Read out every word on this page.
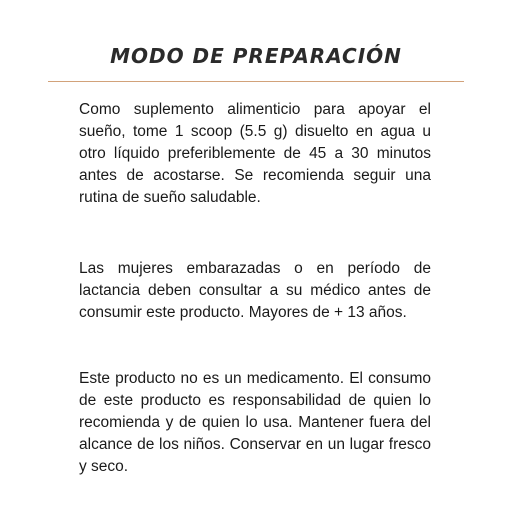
MODO DE PREPARACIÓN

Como suplemento alimenticio para apoyar el sueño, tome 1 scoop (5.5 g) disuelto en agua u otro líquido preferiblemente de 45 a 30 minutos antes de acostarse. Se recomienda seguir una rutina de sueño saludable.

Las mujeres embarazadas o en período de lactancia deben consultar a su médico antes de consumir este producto. Mayores de + 13 años.

Este producto no es un medicamento. El consumo de este producto es responsabilidad de quien lo recomienda y de quien lo usa. Mantener fuera del alcance de los niños. Conservar en un lugar fresco y seco.
